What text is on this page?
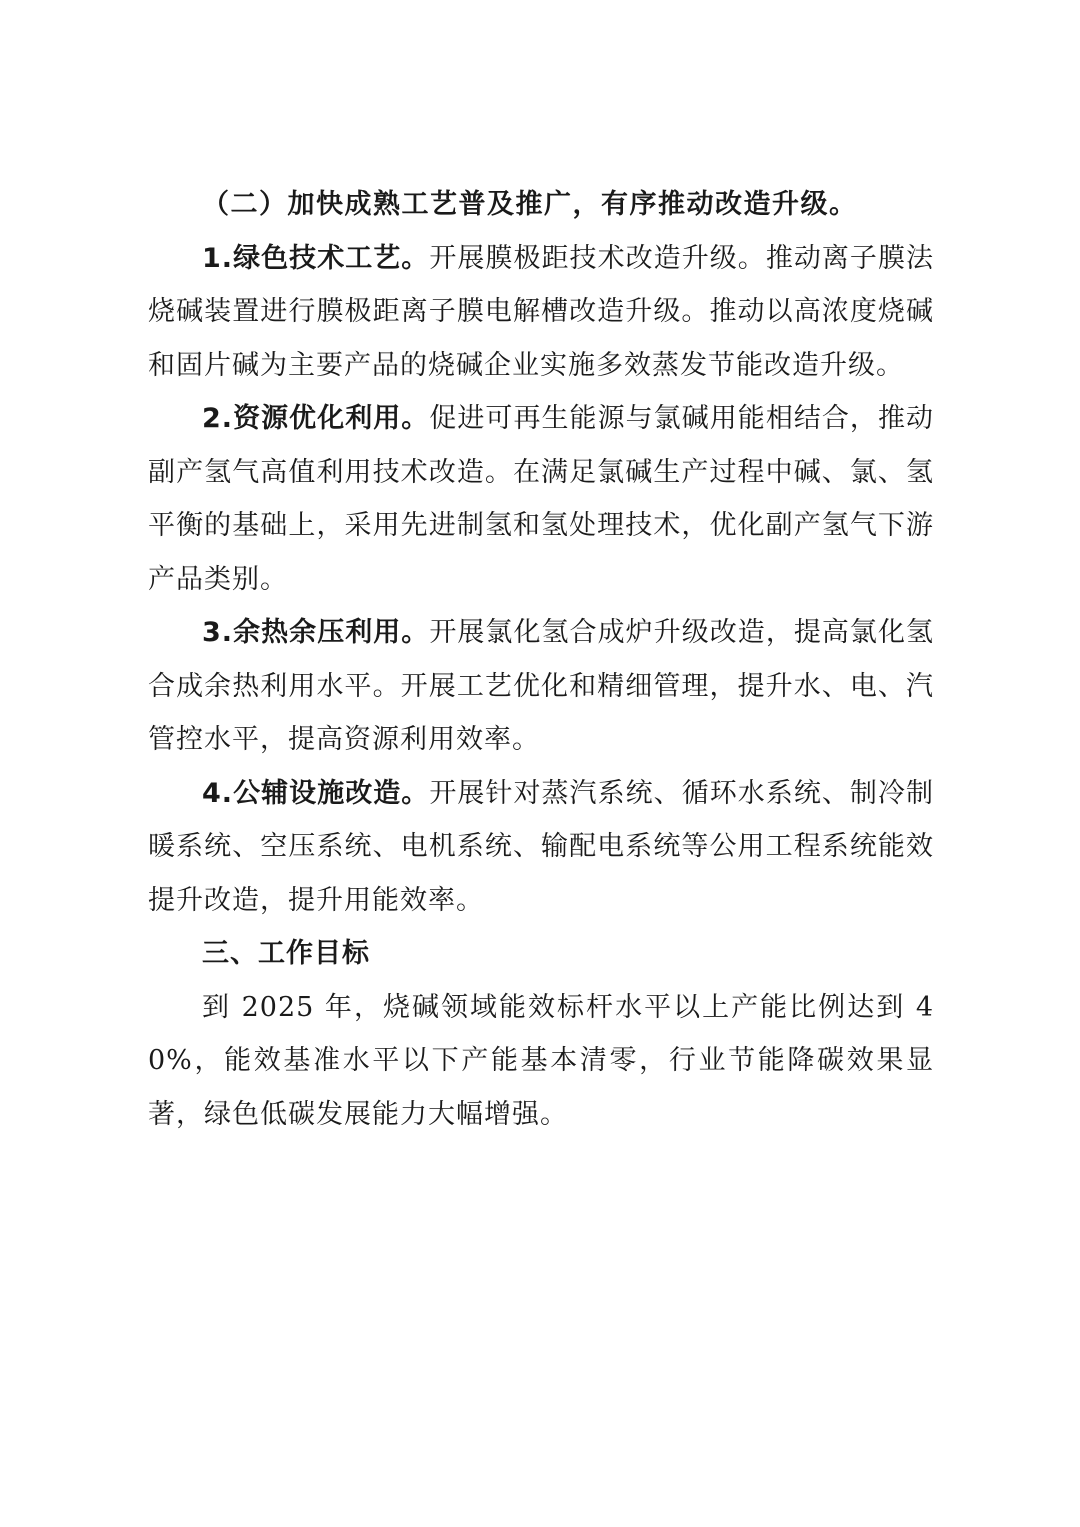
（二）加快成熟工艺普及推广，有序推动改造升级。

1.绿色技术工艺。开展膜极距技术改造升级。推动离子膜法烧碱装置进行膜极距离子膜电解槽改造升级。推动以高浓度烧碱和固片碱为主要产品的烧碱企业实施多效蒸发节能改造升级。

2.资源优化利用。促进可再生能源与氯碱用能相结合，推动副产氢气高值利用技术改造。在满足氯碱生产过程中碱、氯、氢平衡的基础上，采用先进制氢和氢处理技术，优化副产氢气下游产品类别。

3.余热余压利用。开展氯化氢合成炉升级改造，提高氯化氢合成余热利用水平。开展工艺优化和精细管理，提升水、电、汽管控水平，提高资源利用效率。

4.公辅设施改造。开展针对蒸汽系统、循环水系统、制冷制暖系统、空压系统、电机系统、输配电系统等公用工程系统能效提升改造，提升用能效率。

三、工作目标

到 2025 年，烧碱领域能效标杆水平以上产能比例达到 40%，能效基准水平以下产能基本清零，行业节能降碳效果显著，绿色低碳发展能力大幅增强。
